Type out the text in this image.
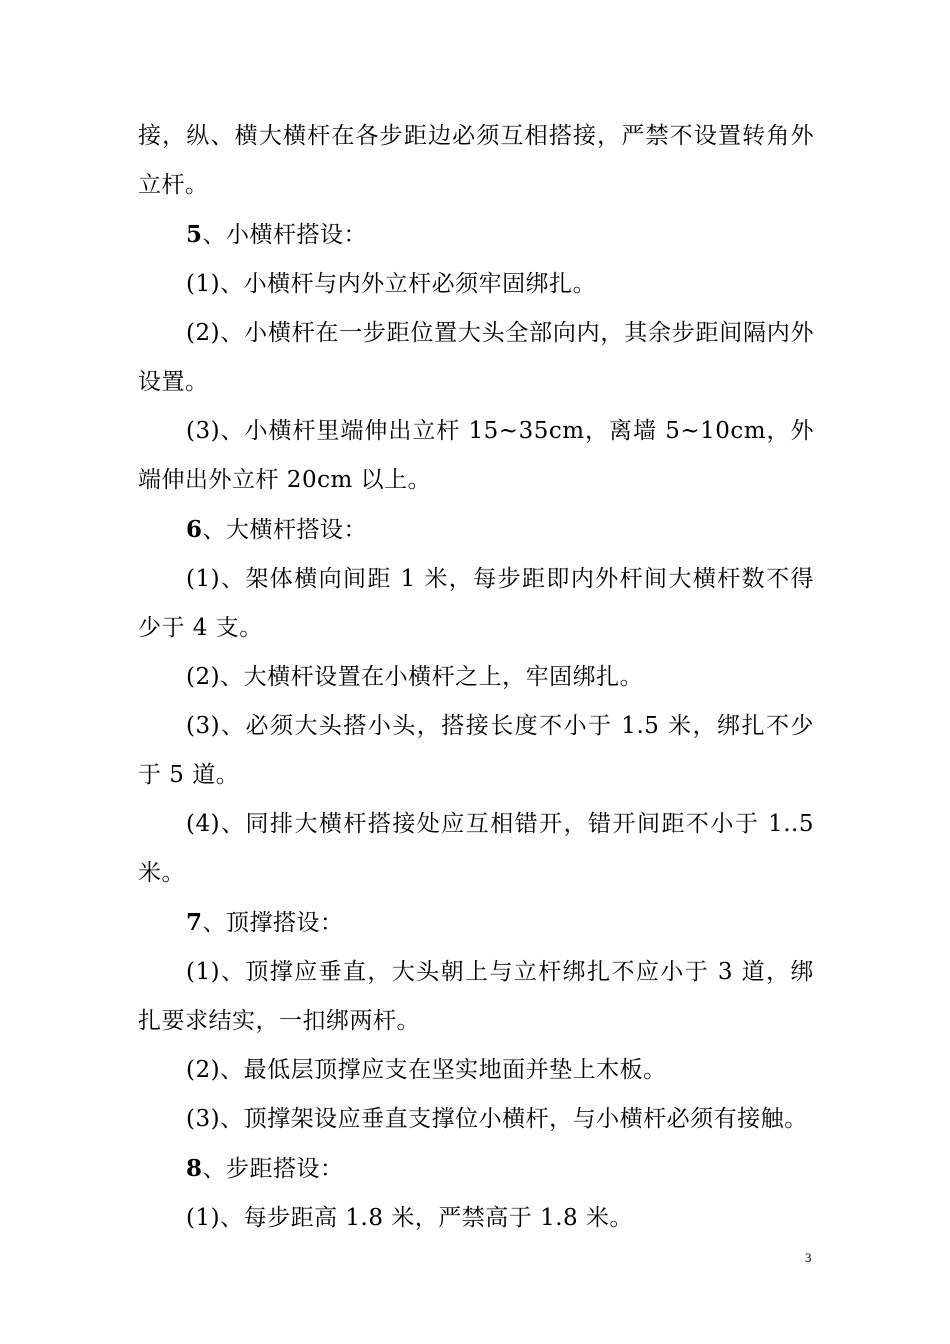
接，纵、横大横杆在各步距边必须互相搭接，严禁不设置转角外立杆。

5、小横杆搭设：

(1)、小横杆与内外立杆必须牢固绑扎。

(2)、小横杆在一步距位置大头全部向内，其余步距间隔内外设置。

(3)、小横杆里端伸出立杆 15~35cm，离墙 5~10cm，外端伸出外立杆 20cm 以上。

6、大横杆搭设：

(1)、架体横向间距 1 米，每步距即内外杆间大横杆数不得少于 4 支。

(2)、大横杆设置在小横杆之上，牢固绑扎。

(3)、必须大头搭小头，搭接长度不小于 1.5 米，绑扎不少于 5 道。

(4)、同排大横杆搭接处应互相错开，错开间距不小于 1..5 米。

7、顶撑搭设：

(1)、顶撑应垂直，大头朝上与立杆绑扎不应小于 3 道，绑扎要求结实，一扣绑两杆。

(2)、最低层顶撑应支在坚实地面并垫上木板。

(3)、顶撑架设应垂直支撑位小横杆，与小横杆必须有接触。

8、步距搭设：

(1)、每步距高 1.8 米，严禁高于 1.8 米。

3
